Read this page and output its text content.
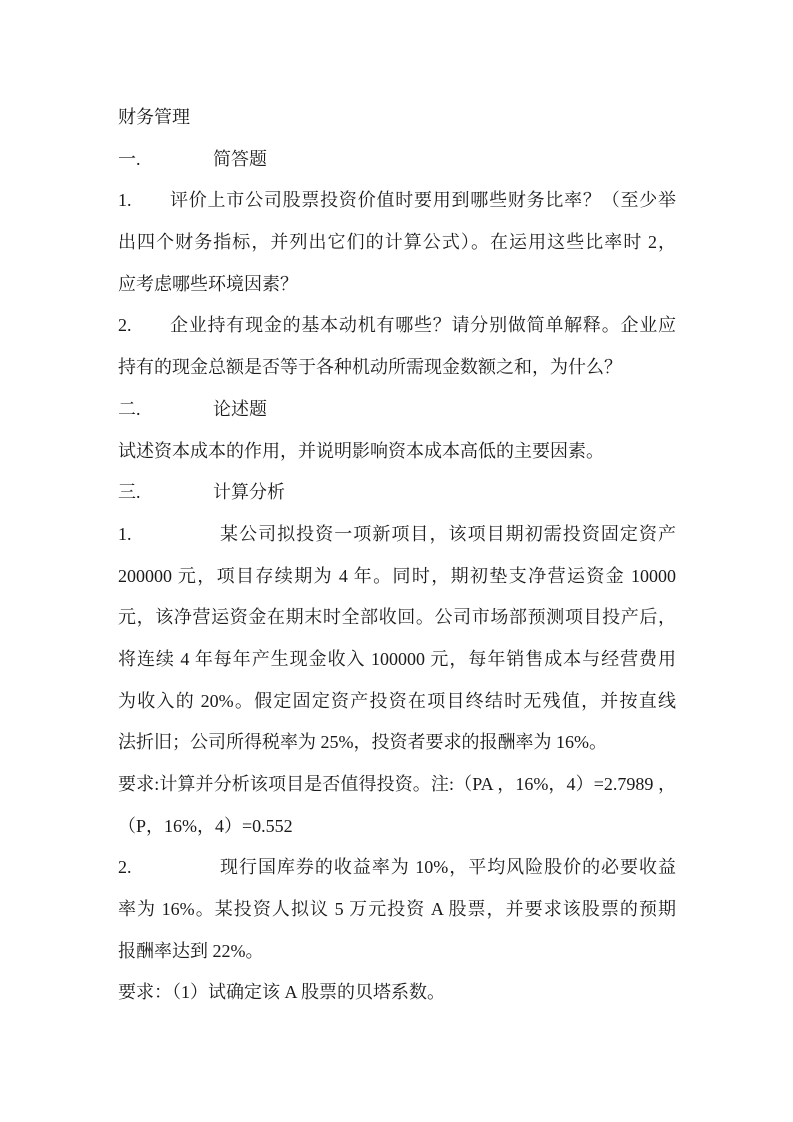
财务管理
一.	简答题
1. 评价上市公司股票投资价值时要用到哪些财务比率？（至少举
出四个财务指标，并列出它们的计算公式）。在运用这些比率时 2，
应考虑哪些环境因素？
2. 企业持有现金的基本动机有哪些？请分别做简单解释。企业应
持有的现金总额是否等于各种机动所需现金数额之和，为什么？
二.	论述题
试述资本成本的作用，并说明影响资本成本高低的主要因素。
三.	计算分析
1.	某公司拟投资一项新项目，该项目期初需投资固定资产
200000 元，项目存续期为 4 年。同时，期初垫支净营运资金 10000
元，该净营运资金在期末时全部收回。公司市场部预测项目投产后，
将连续 4 年每年产生现金收入 100000 元，每年销售成本与经营费用
为收入的 20%。假定固定资产投资在项目终结时无残值，并按直线
法折旧；公司所得税率为 25%，投资者要求的报酬率为 16%。
要求:计算并分析该项目是否值得投资。注:（PA ，16%，4）=2.7989 ，
（P，16%，4）=0.552
2.	现行国库券的收益率为 10%，平均风险股价的必要收益
率为 16%。某投资人拟议 5 万元投资 A 股票，并要求该股票的预期
报酬率达到 22%。
要求：（1）试确定该 A 股票的贝塔系数。
